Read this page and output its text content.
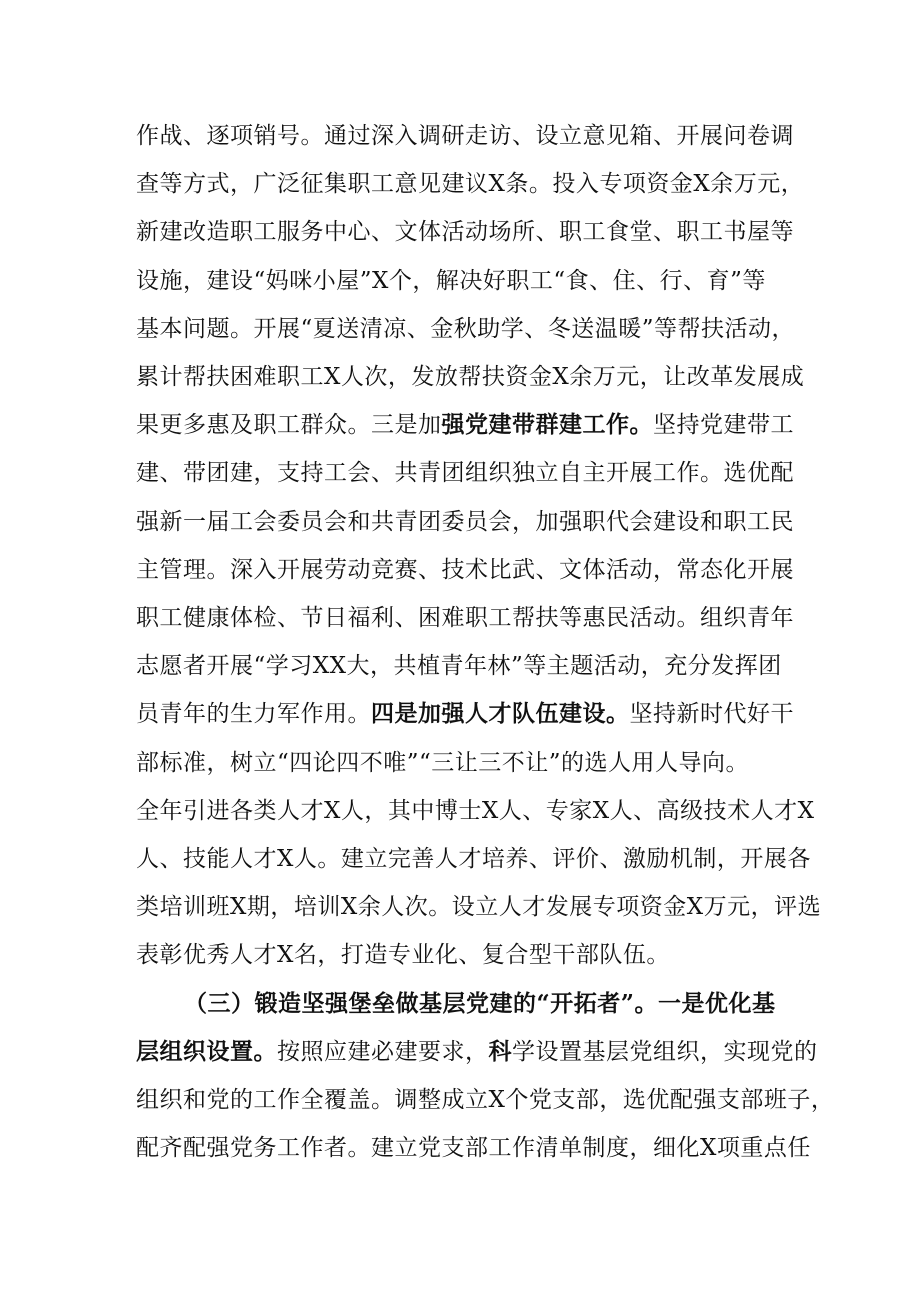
作战、逐项销号。通过深入调研走访、设立意见箱、开展问卷调
查等方式，广泛征集职工意见建议X条。投入专项资金X余万元，
新建改造职工服务中心、文体活动场所、职工食堂、职工书屋等
设施，建设“妈咪小屋”X个，解决好职工“食、住、行、育”等
基本问题。开展“夏送清凉、金秋助学、冬送温暖”等帮扶活动，
累计帮扶困难职工X人次，发放帮扶资金X余万元，让改革发展成
果更多惠及职工群众。三是加强党建带群建工作。坚持党建带工
建、带团建，支持工会、共青团组织独立自主开展工作。选优配
强新一届工会委员会和共青团委员会，加强职代会建设和职工民
主管理。深入开展劳动竞赛、技术比武、文体活动，常态化开展
职工健康体检、节日福利、困难职工帮扶等惠民活动。组织青年
志愿者开展“学习XX大，共植青年林”等主题活动，充分发挥团
员青年的生力军作用。四是加强人才队伍建设。坚持新时代好干
部标准，树立“四论四不唯”“三让三不让”的选人用人导向。
全年引进各类人才X人，其中博士X人、专家X人、高级技术人才X
人、技能人才X人。建立完善人才培养、评价、激励机制，开展各
类培训班X期，培训X余人次。设立人才发展专项资金X万元，评选
表彰优秀人才X名，打造专业化、复合型干部队伍。
（三）锻造坚强堡垒做基层党建的“开拓者”。一是优化基
层组织设置。按照应建必建要求，科学设置基层党组织，实现党的
组织和党的工作全覆盖。调整成立X个党支部，选优配强支部班子，
配齐配强党务工作者。建立党支部工作清单制度，细化X项重点任
